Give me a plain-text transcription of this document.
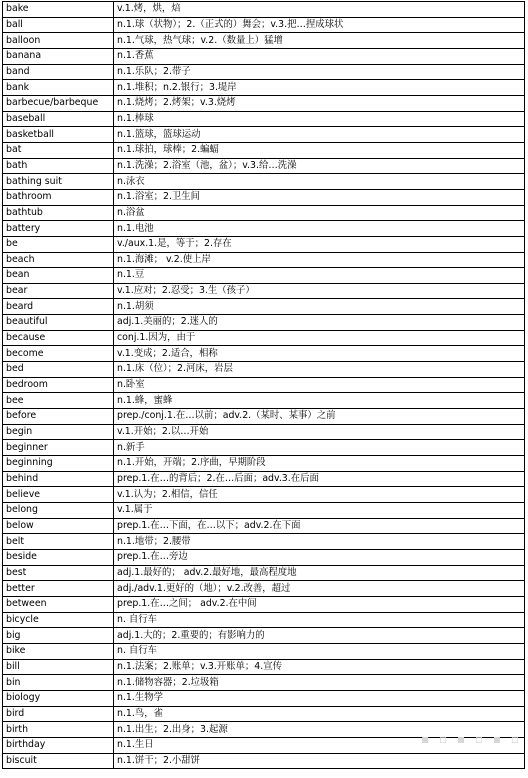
bake	v.1.烤，烘，焙
ball	n.1.球（状物）；2.（正式的）舞会；v.3.把…捏成球状
balloon	n.1.气球，热气球；v.2.（数量上）猛增
banana	n.1.香蕉
band	n.1.乐队；2.带子
bank	n.1.堆积；n.2.银行；3.堤岸
barbecue/barbeque	n.1.烧烤；2.烤架；v.3.烧烤
baseball	n.1.棒球
basketball	n.1.篮球，篮球运动
bat	n.1.球拍，球棒；2.蝙蝠
bath	n.1.洗澡；2.浴室（池，盆）；v.3.给…洗澡
bathing suit	n.泳衣
bathroom	n.1.浴室；2.卫生间
bathtub	n.浴盆
battery	n.1.电池
be	v./aux.1.是，等于；2.存在
beach	n.1.海滩； v.2.使上岸
bean	n.1.豆
bear	v.1.应对；2.忍受；3.生（孩子）
beard	n.1.胡须
beautiful	adj.1.美丽的；2.迷人的
because	conj.1.因为，由于
become	v.1.变成；2.适合，相称
bed	n.1.床（位）；2.河床，岩层
bedroom	n.卧室
bee	n.1.蜂，蜜蜂
before	prep./conj.1.在…以前；adv.2.（某时、某事）之前
begin	v.1.开始；2.以…开始
beginner	n.新手
beginning	n.1.开始，开端；2.序曲，早期阶段
behind	prep.1.在…的背后；2.在…后面；adv.3.在后面
believe	v.1.认为；2.相信，信任
belong	v.1.属于
below	prep.1.在…下面，在…以下；adv.2.在下面
belt	n.1.地带；2.腰带
beside	prep.1.在…旁边
best	adj.1.最好的； adv.2.最好地，最高程度地
better	adj./adv.1.更好的（地）；v.2.改善，超过
between	prep.1.在…之间； adv.2.在中间
bicycle	n. 自行车
big	adj.1.大的；2.重要的；有影响力的
bike	n. 自行车
bill	n.1.法案；2.账单；v.3.开账单；4.宣传
bin	n.1.储物容器；2.垃圾箱
biology	n.1.生物学
bird	n.1.鸟，雀
birth	n.1.出生；2.出身；3.起源
birthday	n.1.生日
biscuit	n.1.饼干；2.小甜饼
▪ ▫ ▪ ▫ ▪ ▫
